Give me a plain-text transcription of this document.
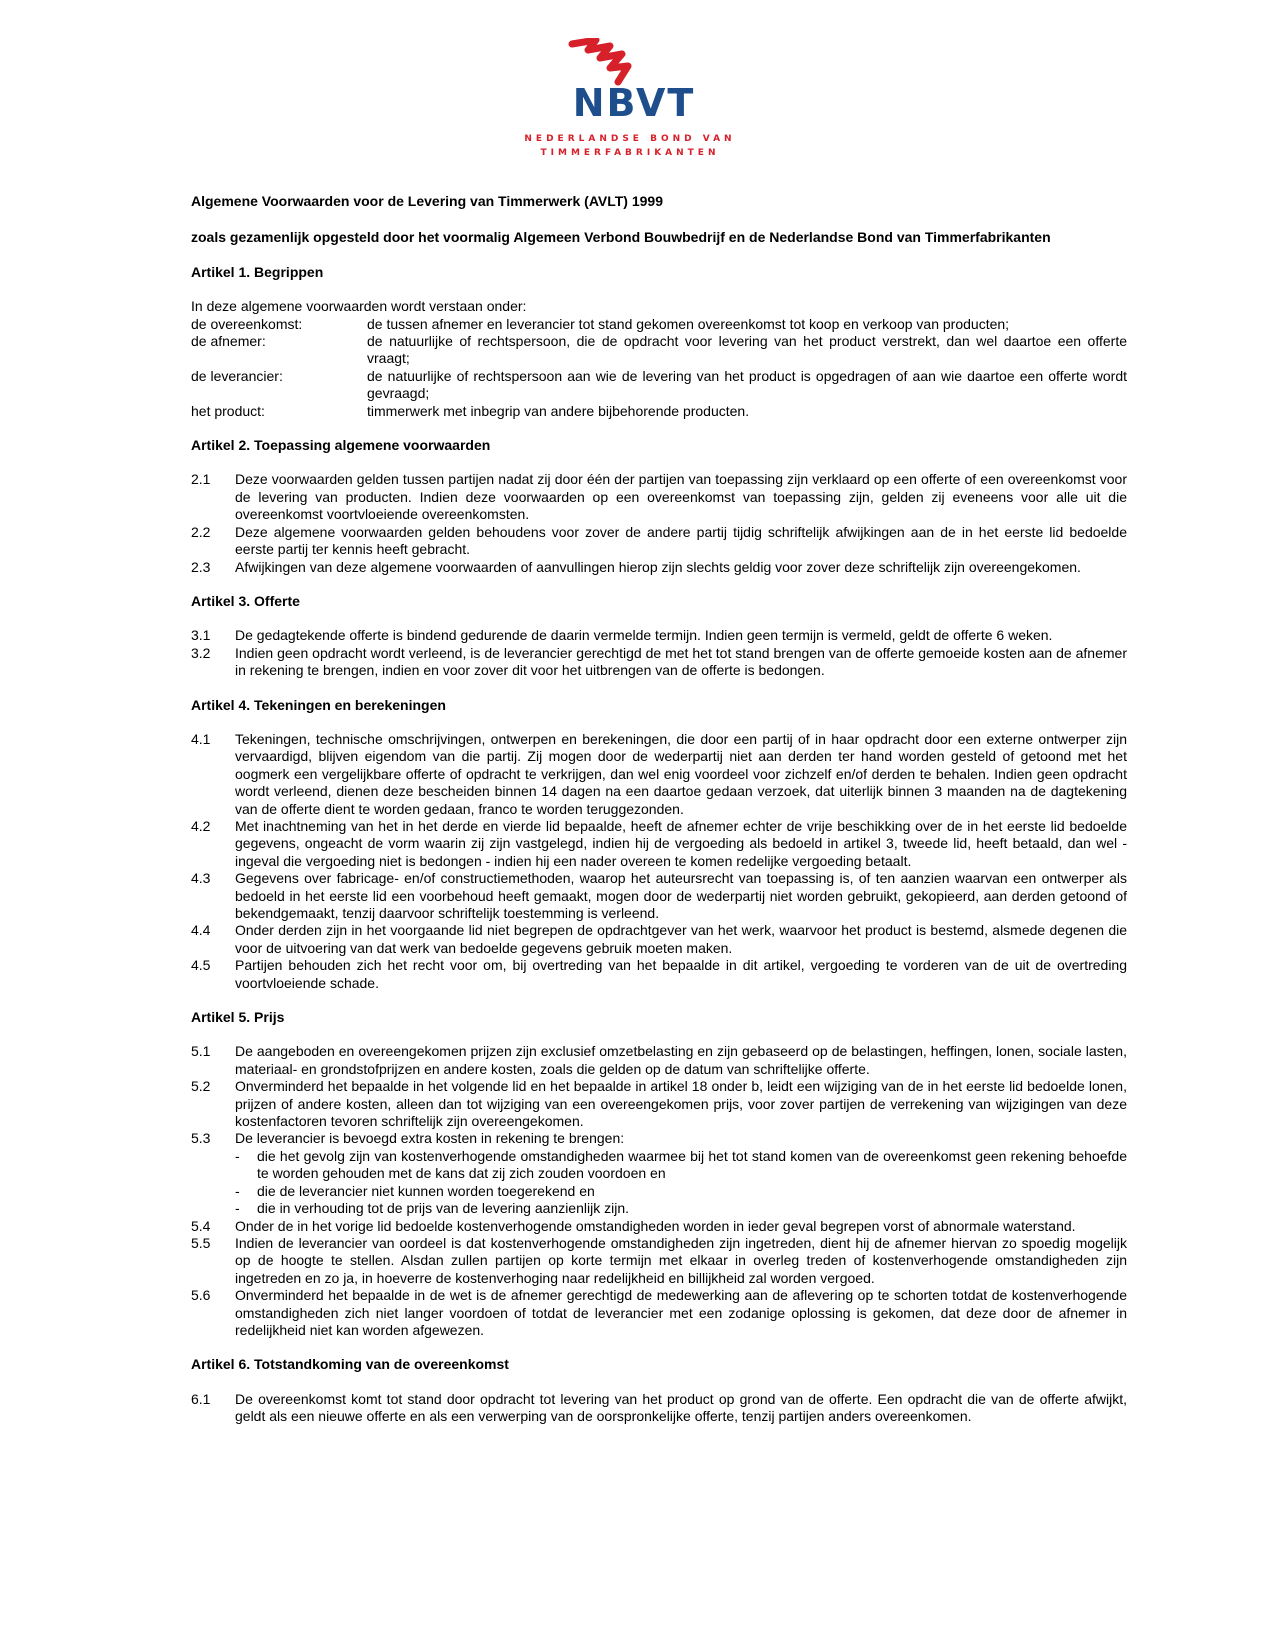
NBVT
NEDERLANDSE BOND VAN
TIMMERFABRIKANTEN

Algemene Voorwaarden voor de Levering van Timmerwerk (AVLT) 1999

zoals gezamenlijk opgesteld door het voormalig Algemeen Verbond Bouwbedrijf en de Nederlandse Bond van Timmerfabrikanten

Artikel 1. Begrippen

In deze algemene voorwaarden wordt verstaan onder:

de overeenkomst:	de tussen afnemer en leverancier tot stand gekomen overeenkomst tot koop en verkoop van producten;
de afnemer:	de natuurlijke of rechtspersoon, die de opdracht voor levering van het product verstrekt, dan wel daartoe een offerte vraagt;
de leverancier:	de natuurlijke of rechtspersoon aan wie de levering van het product is opgedragen of aan wie daartoe een offerte wordt gevraagd;
het product:	timmerwerk met inbegrip van andere bijbehorende producten.

Artikel 2. Toepassing algemene voorwaarden

2.1	Deze voorwaarden gelden tussen partijen nadat zij door één der partijen van toepassing zijn verklaard op een offerte of een overeenkomst voor de levering van producten. Indien deze voorwaarden op een overeenkomst van toepassing zijn, gelden zij eveneens voor alle uit die overeenkomst voortvloeiende overeenkomsten.
2.2	Deze algemene voorwaarden gelden behoudens voor zover de andere partij tijdig schriftelijk afwijkingen aan de in het eerste lid bedoelde eerste partij ter kennis heeft gebracht.
2.3	Afwijkingen van deze algemene voorwaarden of aanvullingen hierop zijn slechts geldig voor zover deze schriftelijk zijn overeengekomen.

Artikel 3. Offerte

3.1	De gedagtekende offerte is bindend gedurende de daarin vermelde termijn. Indien geen termijn is vermeld, geldt de offerte 6 weken.
3.2	Indien geen opdracht wordt verleend, is de leverancier gerechtigd de met het tot stand brengen van de offerte gemoeide kosten aan de afnemer in rekening te brengen, indien en voor zover dit voor het uitbrengen van de offerte is bedongen.

Artikel 4. Tekeningen en berekeningen

4.1	Tekeningen, technische omschrijvingen, ontwerpen en berekeningen, die door een partij of in haar opdracht door een externe ontwerper zijn vervaardigd, blijven eigendom van die partij. Zij mogen door de wederpartij niet aan derden ter hand worden gesteld of getoond met het oogmerk een vergelijkbare offerte of opdracht te verkrijgen, dan wel enig voordeel voor zichzelf en/of derden te behalen. Indien geen opdracht wordt verleend, dienen deze bescheiden binnen 14 dagen na een daartoe gedaan verzoek, dat uiterlijk binnen 3 maanden na de dagtekening van de offerte dient te worden gedaan, franco te worden teruggezonden.
4.2	Met inachtneming van het in het derde en vierde lid bepaalde, heeft de afnemer echter de vrije beschikking over de in het eerste lid bedoelde gegevens, ongeacht de vorm waarin zij zijn vastgelegd, indien hij de vergoeding als bedoeld in artikel 3, tweede lid, heeft betaald, dan wel - ingeval die vergoeding niet is bedongen - indien hij een nader overeen te komen redelijke vergoeding betaalt.
4.3	Gegevens over fabricage- en/of constructiemethoden, waarop het auteursrecht van toepassing is, of ten aanzien waarvan een ontwerper als bedoeld in het eerste lid een voorbehoud heeft gemaakt, mogen door de wederpartij niet worden gebruikt, gekopieerd, aan derden getoond of bekendgemaakt, tenzij daarvoor schriftelijk toestemming is verleend.
4.4	Onder derden zijn in het voorgaande lid niet begrepen de opdrachtgever van het werk, waarvoor het product is bestemd, alsmede degenen die voor de uitvoering van dat werk van bedoelde gegevens gebruik moeten maken.
4.5	Partijen behouden zich het recht voor om, bij overtreding van het bepaalde in dit artikel, vergoeding te vorderen van de uit de overtreding voortvloeiende schade.

Artikel 5. Prijs

5.1	De aangeboden en overeengekomen prijzen zijn exclusief omzetbelasting en zijn gebaseerd op de belastingen, heffingen, lonen, sociale lasten, materiaal- en grondstofprijzen en andere kosten, zoals die gelden op de datum van schriftelijke offerte.
5.2	Onverminderd het bepaalde in het volgende lid en het bepaalde in artikel 18 onder b, leidt een wijziging van de in het eerste lid bedoelde lonen, prijzen of andere kosten, alleen dan tot wijziging van een overeengekomen prijs, voor zover partijen de verrekening van wijzigingen van deze kostenfactoren tevoren schriftelijk zijn overeengekomen.
5.3	De leverancier is bevoegd extra kosten in rekening te brengen:
-	die het gevolg zijn van kostenverhogende omstandigheden waarmee bij het tot stand komen van de overeenkomst geen rekening behoefde te worden gehouden met de kans dat zij zich zouden voordoen en
-	die de leverancier niet kunnen worden toegerekend en
-	die in verhouding tot de prijs van de levering aanzienlijk zijn.
5.4	Onder de in het vorige lid bedoelde kostenverhogende omstandigheden worden in ieder geval begrepen vorst of abnormale waterstand.
5.5	Indien de leverancier van oordeel is dat kostenverhogende omstandigheden zijn ingetreden, dient hij de afnemer hiervan zo spoedig mogelijk op de hoogte te stellen. Alsdan zullen partijen op korte termijn met elkaar in overleg treden of kostenverhogende omstandigheden zijn ingetreden en zo ja, in hoeverre de kostenverhoging naar redelijkheid en billijkheid zal worden vergoed.
5.6	Onverminderd het bepaalde in de wet is de afnemer gerechtigd de medewerking aan de aflevering op te schorten totdat de kostenverhogende omstandigheden zich niet langer voordoen of totdat de leverancier met een zodanige oplossing is gekomen, dat deze door de afnemer in redelijkheid niet kan worden afgewezen.

Artikel 6. Totstandkoming van de overeenkomst

6.1	De overeenkomst komt tot stand door opdracht tot levering van het product op grond van de offerte. Een opdracht die van de offerte afwijkt, geldt als een nieuwe offerte en als een verwerping van de oorspronkelijke offerte, tenzij partijen anders overeenkomen.
